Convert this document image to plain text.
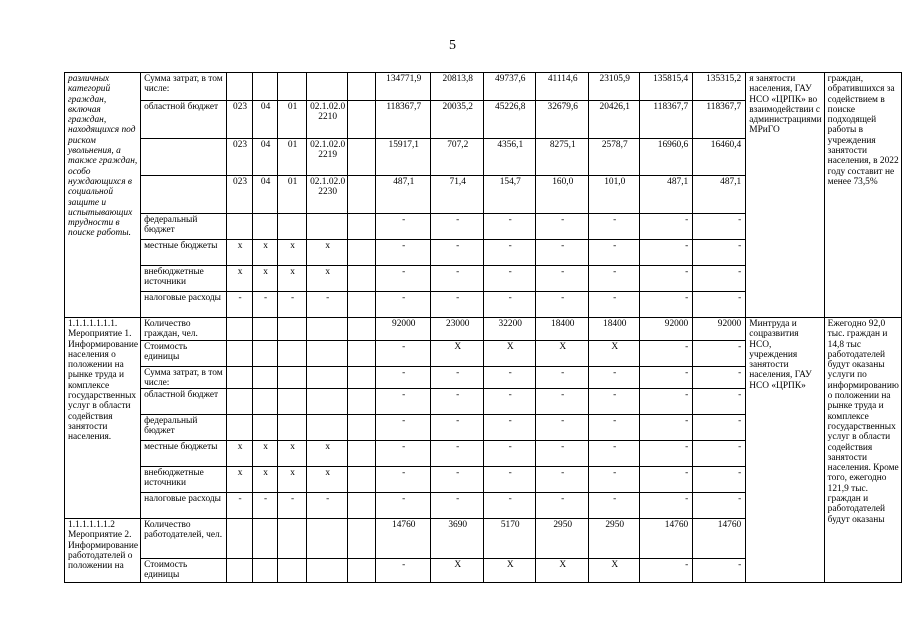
5
различных категорий граждан, включая граждан, находящихся под риском увольнения, а также граждан, особо нуждающихся в социальной защите и испытывающих трудности в поиске работы.	Сумма затрат, в том числе:						134771,9	20813,8	49737,6	41114,6	23105,9	135815,4	135315,2	я занятости населения, ГАУ НСО «ЦРПК» во взаимодействии с администрациями МРиГО	граждан, обратившихся за содействием в поиске подходящей работы в учреждения занятости населения, в 2022 году составит не менее 73,5%
	областной бюджет	023	04	01	02.1.02.0 2210		118367,7	20035,2	45226,8	32679,6	20426,1	118367,7	118367,7		
		023	04	01	02.1.02.0 2219		15917,1	707,2	4356,1	8275,1	2578,7	16960,6	16460,4		
		023	04	01	02.1.02.0 2230		487,1	71,4	154,7	160,0	101,0	487,1	487,1		
	федеральный бюджет						-	-	-	-	-	-	-		
	местные бюджеты	х	х	х	х		-	-	-	-	-	-	-		
	внебюджетные источники	х	х	х	х		-	-	-	-	-	-	-		
	налоговые расходы	-	-	-	-		-	-	-	-	-	-	-		
1.1.1.1.1.1.1. Мероприятие 1. Информирование населения о положении на рынке труда и комплексе государственных услуг в области содействия занятости населения.	Количество граждан, чел.						92000	23000	32200	18400	18400	92000	92000	Минтруда и соцразвития НСО, учреждения занятости населения, ГАУ НСО «ЦРПК»	Ежегодно 92,0 тыс. граждан и 14,8 тыс работодателей будут оказаны услуги по информированию о положении на рынке труда и комплексе государственных услуг в области содействия занятости населения. Кроме того, ежегодно 121,9 тыс. граждан и работодателей будут оказаны
	Стоимость единицы						-	Х	Х	Х	Х	-	-		
	Сумма затрат, в том числе:						-	-	-	-	-	-	-		
	областной бюджет						-	-	-	-	-	-	-		
	федеральный бюджет						-	-	-	-	-	-	-		
	местные бюджеты	х	х	х	х		-	-	-	-	-	-	-		
	внебюджетные источники	х	х	х	х		-	-	-	-	-	-	-		
	налоговые расходы	-	-	-	-		-	-	-	-	-	-	-		
1.1.1.1.1.1.2 Мероприятие 2. Информирование работодателей о положении на	Количество работодателей, чел.						14760	3690	5170	2950	2950	14760	14760		
	Стоимость единицы						-	Х	Х	Х	Х	-	-		
